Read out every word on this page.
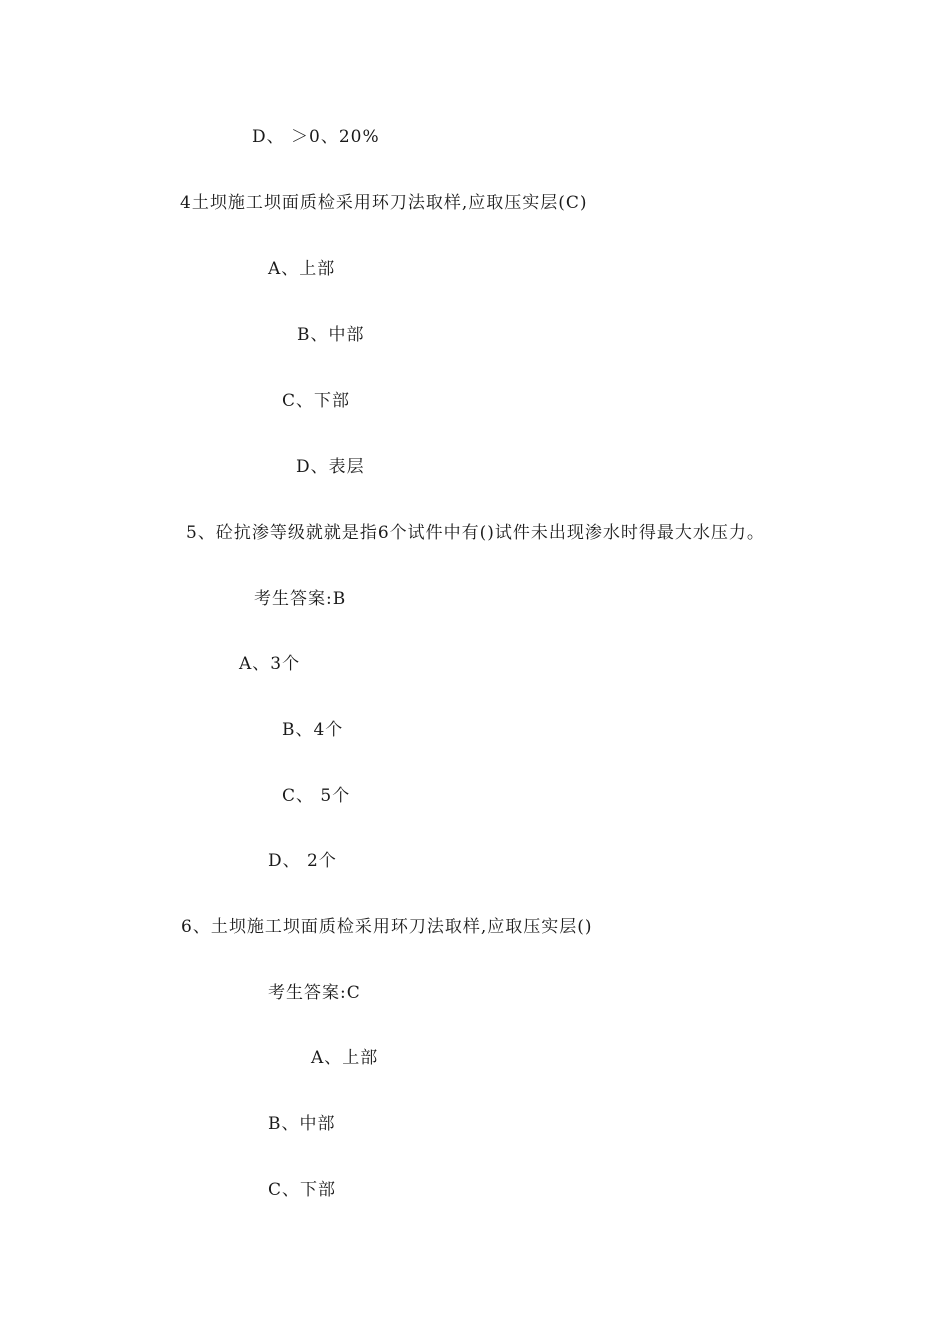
D、 ＞0、20%
4土坝施工坝面质检采用环刀法取样,应取压实层(C)
A、上部
B、中部
C、下部
D、表层
5、砼抗渗等级就就是指6个试件中有()试件未出现渗水时得最大水压力。
考生答案:B
A、3个
B、4个
C、 5个
D、 2个
6、土坝施工坝面质检采用环刀法取样,应取压实层()
考生答案:C
A、上部
B、中部
C、下部
